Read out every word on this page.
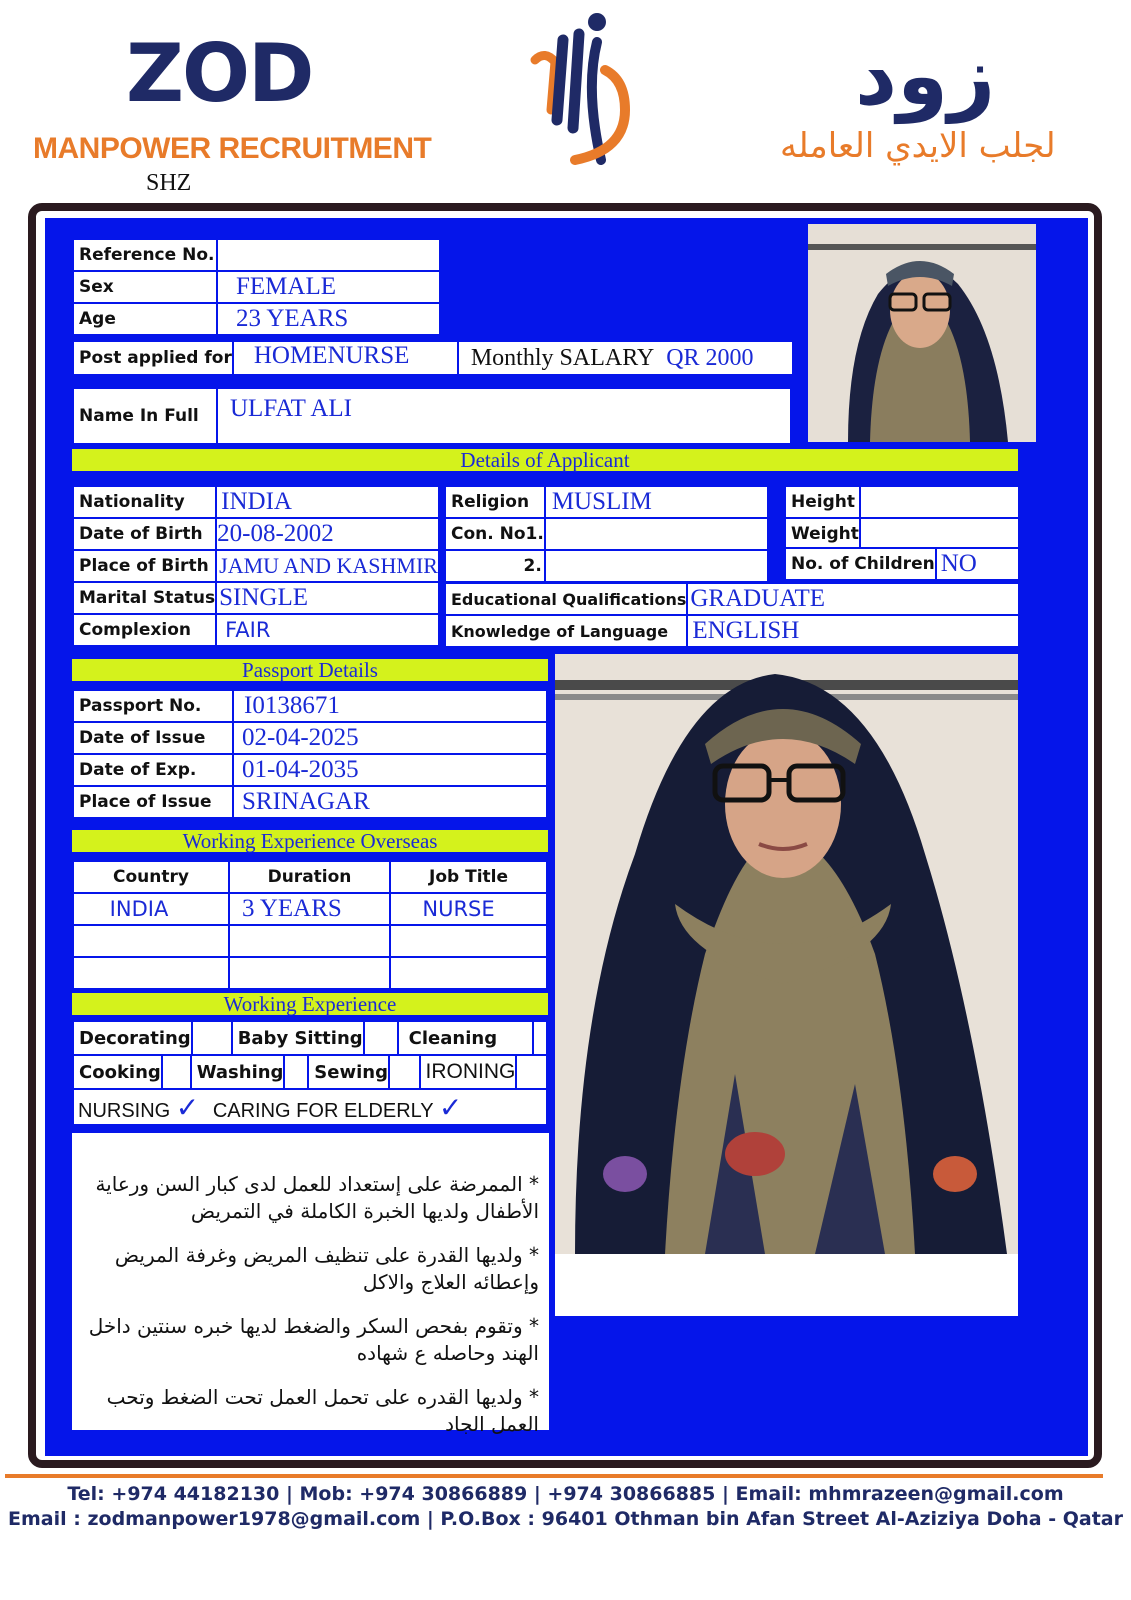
ZOD
MANPOWER RECRUITMENT
SHZ
زود
لجلب الايدي العامله
Reference No.	
Sex	FEMALE
Age	23 YEARS
Post applied for	HOMENURSE	Monthly SALARY QR 2000
Name In Full	ULFAT ALI
Details of Applicant
Nationality	INDIA
Date of Birth	20-08-2002
Place of Birth	JAMU AND KASHMIR
Marital Status	SINGLE
Complexion	FAIR
Religion	MUSLIM
Con. No1.	
2.	
Height	
Weight	
No. of Children	NO
Educational Qualifications	GRADUATE
Knowledge of Language	ENGLISH
Passport Details
Passport No.	I0138671
Date of Issue	02-04-2025
Date of Exp.	01-04-2035
Place of Issue	SRINAGAR
Working Experience Overseas
Country	Duration	Job Title
INDIA	3 YEARS	NURSE

Working Experience
Decorating		Baby Sitting		Cleaning	
Cooking		Washing		Sewing		IRONING	
NURSING ✓ CARING FOR ELDERLY ✓

* الممرضة على إستعداد للعمل لدى كبار السن ورعاية الأطفال ولديها الخبرة الكاملة في التمريض

* ولديها القدرة على تنظيف المريض وغرفة المريض وإعطائه العلاج والاكل

* وتقوم بفحص السكر والضغط لديها خبره سنتين داخل الهند وحاصله ع شهاده

* ولديها القدره على تحمل العمل تحت الضغط وتحب العمل الجاد

Tel: +974 44182130 | Mob: +974 30866889 | +974 30866885 | Email: mhmrazeen@gmail.com
Email : zodmanpower1978@gmail.com | P.O.Box : 96401 Othman bin Afan Street Al-Aziziya Doha - Qatar
